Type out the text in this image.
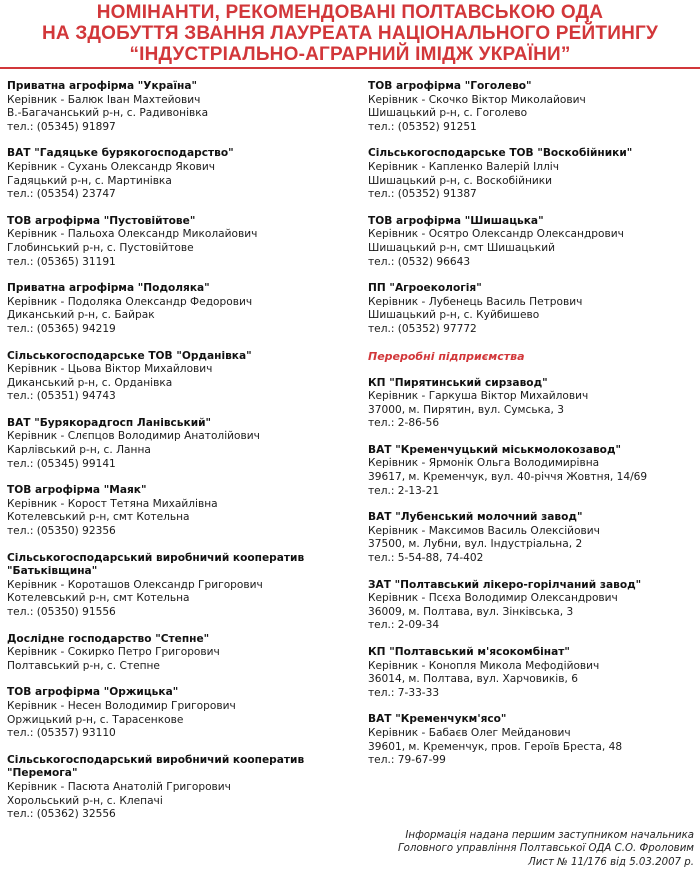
НОМІНАНТИ, РЕКОМЕНДОВАНІ ПОЛТАВСЬКОЮ ОДА
НА ЗДОБУТТЯ ЗВАННЯ ЛАУРЕАТА НАЦІОНАЛЬНОГО РЕЙТИНГУ
“ІНДУСТРІАЛЬНО-АГРАРНИЙ ІМІДЖ УКРАЇНИ”
Приватна агрофірма "Україна"
Керівник - Балюк Іван Махтейович
В.-Багачанський р-н, с. Радивонівка
тел.: (05345) 91897
ВАТ "Гадяцьке бурякогосподарство"
Керівник - Сухань Олександр Якович
Гадяцький р-н, с. Мартинівка
тел.: (05354) 23747
ТОВ агрофірма "Пустовійтове"
Керівник - Пальоха Олександр Миколайович
Глобинський р-н, с. Пустовійтове
тел.: (05365) 31191
Приватна агрофірма "Подоляка"
Керівник - Подоляка Олександр Федорович
Диканський р-н, с. Байрак
тел.: (05365) 94219
Сільськогосподарське ТОВ "Орданівка"
Керівник - Цьова Віктор Михайлович
Диканський р-н, с. Орданівка
тел.: (05351) 94743
ВАТ "Бурякорадгосп Ланівський"
Керівник - Слєпцов Володимир Анатолійович
Карлівський р-н, с. Ланна
тел.: (05345) 99141
ТОВ агрофірма "Маяк"
Керівник - Корост Тетяна Михайлівна
Котелевський р-н, смт Котельна
тел.: (05350) 92356
Сільськогосподарський виробничий кооператив "Батьківщина"
Керівник - Короташов Олександр Григорович
Котелевський р-н, смт Котельна
тел.: (05350) 91556
Дослідне господарство "Степне"
Керівник - Сокирко Петро Григорович
Полтавський р-н, с. Степне
ТОВ агрофірма "Оржицька"
Керівник - Несен Володимир Григорович
Оржицький р-н, с. Тарасенкове
тел.: (05357) 93110
Сільськогосподарський виробничий кооператив "Перемога"
Керівник - Пасюта Анатолій Григорович
Хорольський р-н, с. Клепачі
тел.: (05362) 32556
ТОВ агрофірма "Гоголево"
Керівник - Скочко Віктор Миколайович
Шишацький р-н, с. Гоголево
тел.: (05352) 91251
Сільськогосподарське ТОВ "Воскобійники"
Керівник - Капленко Валерій Ілліч
Шишацький р-н, с. Воскобійники
тел.: (05352) 91387
ТОВ агрофірма "Шишацька"
Керівник - Осятро Олександр Олександрович
Шишацький р-н, смт Шишацький
тел.: (0532) 96643
ПП "Агроекологія"
Керівник - Лубенець Василь Петрович
Шишацький р-н, с. Куйбишево
тел.: (05352) 97772
Переробні підприємства
КП "Пирятинський сирзавод"
Керівник - Гаркуша Віктор Михайлович
37000, м. Пирятин, вул. Сумська, 3
тел.: 2-86-56
ВАТ "Кременчуцький міськмолокозавод"
Керівник - Ярмонік Ольга Володимирівна
39617, м. Кременчук, вул. 40-річчя Жовтня, 14/69
тел.: 2-13-21
ВАТ "Лубенський молочний завод"
Керівник - Максимов Василь Олексійович
37500, м. Лубни, вул. Індустріальна, 2
тел.: 5-54-88, 74-402
ЗАТ "Полтавський лікеро-горілчаний завод"
Керівник - Псєха Володимир Олександрович
36009, м. Полтава, вул. Зінківська, 3
тел.: 2-09-34
КП "Полтавський м'ясокомбінат"
Керівник - Конопля Микола Мефодійович
36014, м. Полтава, вул. Харчовиків, 6
тел.: 7-33-33
ВАТ "Кременчукм'ясо"
Керівник - Бабаєв Олег Мейданович
39601, м. Кременчук, пров. Героїв Бреста, 48
тел.: 79-67-99
Інформація надана першим заступником начальника
Головного управління Полтавської ОДА С.О. Фроловим
Лист № 11/176 від 5.03.2007 р.
